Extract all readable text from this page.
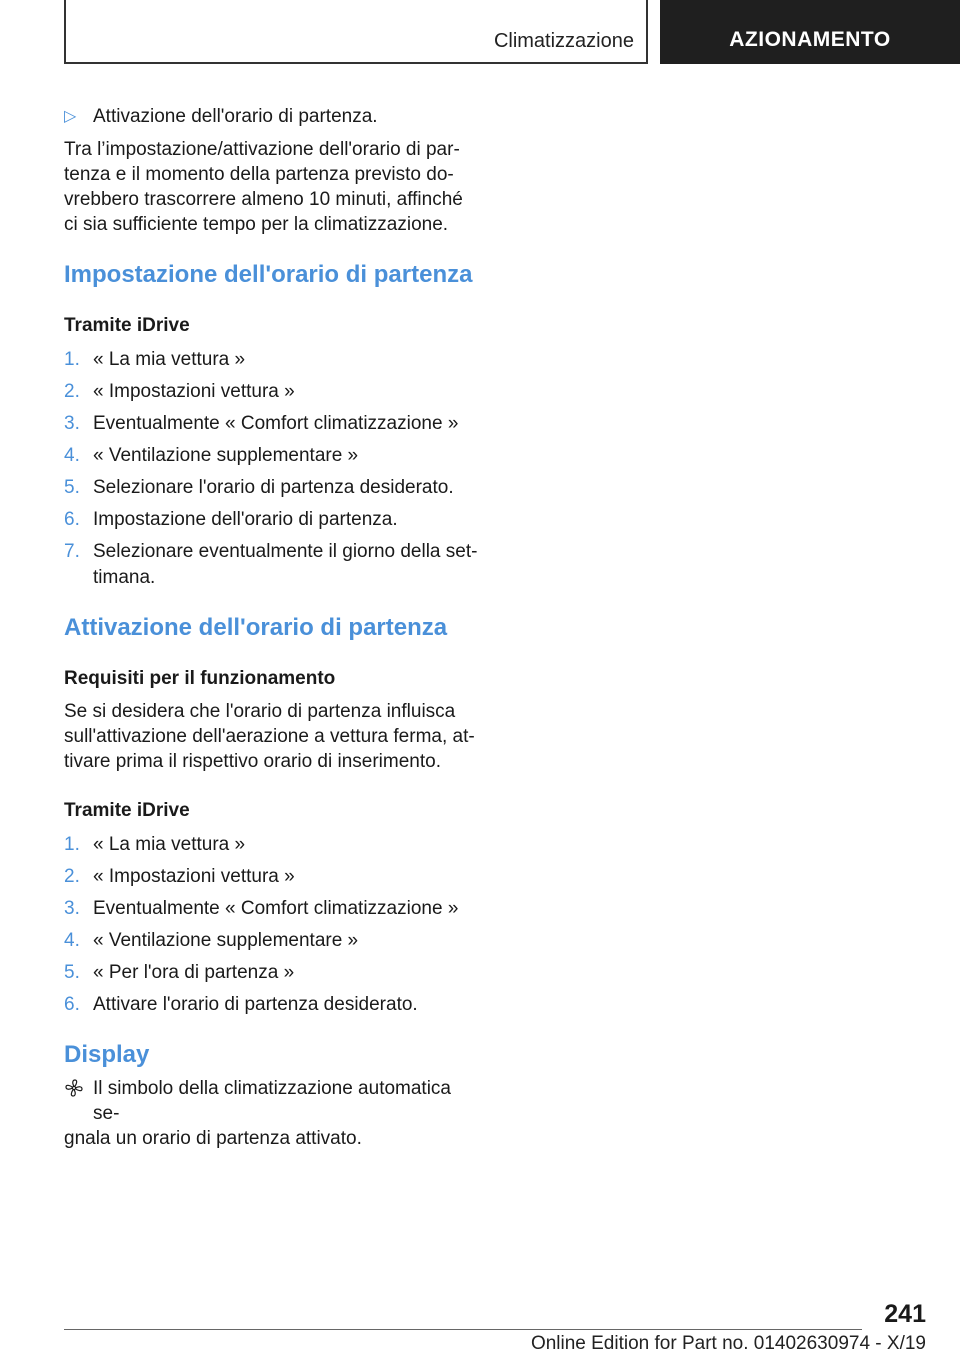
Climatizzazione	AZIONAMENTO
▷ Attivazione dell'orario di partenza.

Tra l’impostazione/attivazione dell'orario di par-

tenza e il momento della partenza previsto do-

vrebbero trascorrere almeno 10 minuti, affinché

ci sia sufficiente tempo per la climatizzazione.

Impostazione dell'orario di partenza
Tramite iDrive
1. « La mia vettura »
2. « Impostazioni vettura »
3. Eventualmente « Comfort climatizzazione »
4. « Ventilazione supplementare »
5. Selezionare l'orario di partenza desiderato.
6. Impostazione dell'orario di partenza.
7. Selezionare eventualmente il giorno della set-
timana.
Attivazione dell'orario di partenza
Requisiti per il funzionamento

Se si desidera che l'orario di partenza influisca

sull'attivazione dell'aerazione a vettura ferma, at-

tivare prima il rispettivo orario di inserimento.

Tramite iDrive
1. « La mia vettura »
2. « Impostazioni vettura »
3. Eventualmente « Comfort climatizzazione »
4. « Ventilazione supplementare »
5. « Per l'ora di partenza »
6. Attivare l'orario di partenza desiderato.
Display

Il simbolo della climatizzazione automatica se-

gnala un orario di partenza attivato.

241
Online Edition for Part no. 01402630974 - X/19
